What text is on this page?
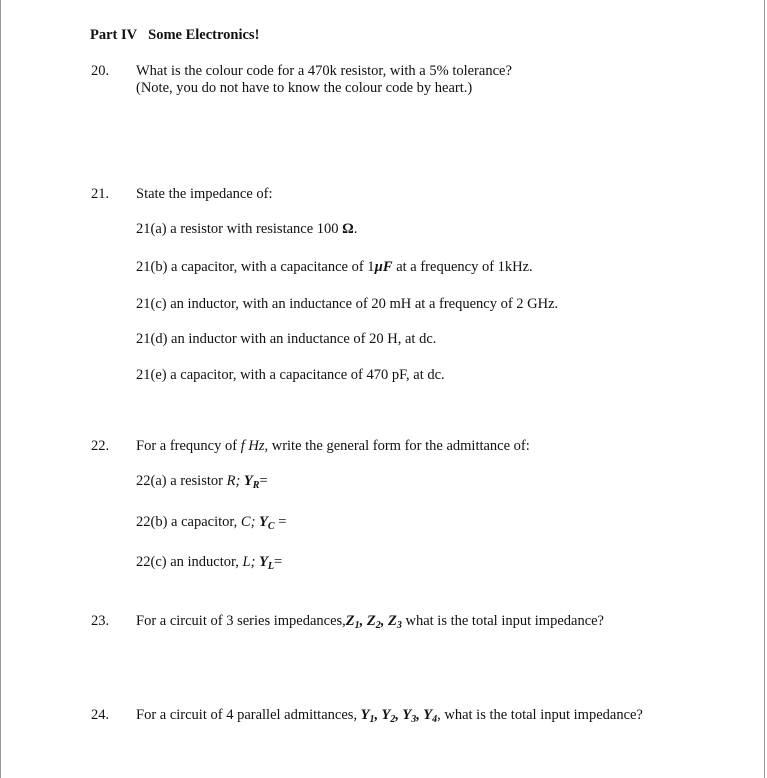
Part IV Some Electronics!
20. What is the colour code for a 470k resistor, with a 5% tolerance?
(Note, you do not have to know the colour code by heart.)
21. State the impedance of:
21(a) a resistor with resistance 100 Ω.
21(b) a capacitor, with a capacitance of 1µF at a frequency of 1kHz.
21(c) an inductor, with an inductance of 20 mH at a frequency of 2 GHz.
21(d) an inductor with an inductance of 20 H, at dc.
21(e) a capacitor, with a capacitance of 470 pF, at dc.
22. For a frequncy of f Hz, write the general form for the admittance of:
22(a) a resistor R; $Y_R=$
22(b) a capacitor, C; $Y_C$ =
22(c) an inductor, L; $Y_L=$
23. For a circuit of 3 series $impedances,Z_1$, $Z_2$, $Z_3$ what is the total input impedance?
24. For a circuit of 4 parallel admittances, $Y_1$, $Y_2$, $Y_3$, $Y_4$, what is the total input impedance?
